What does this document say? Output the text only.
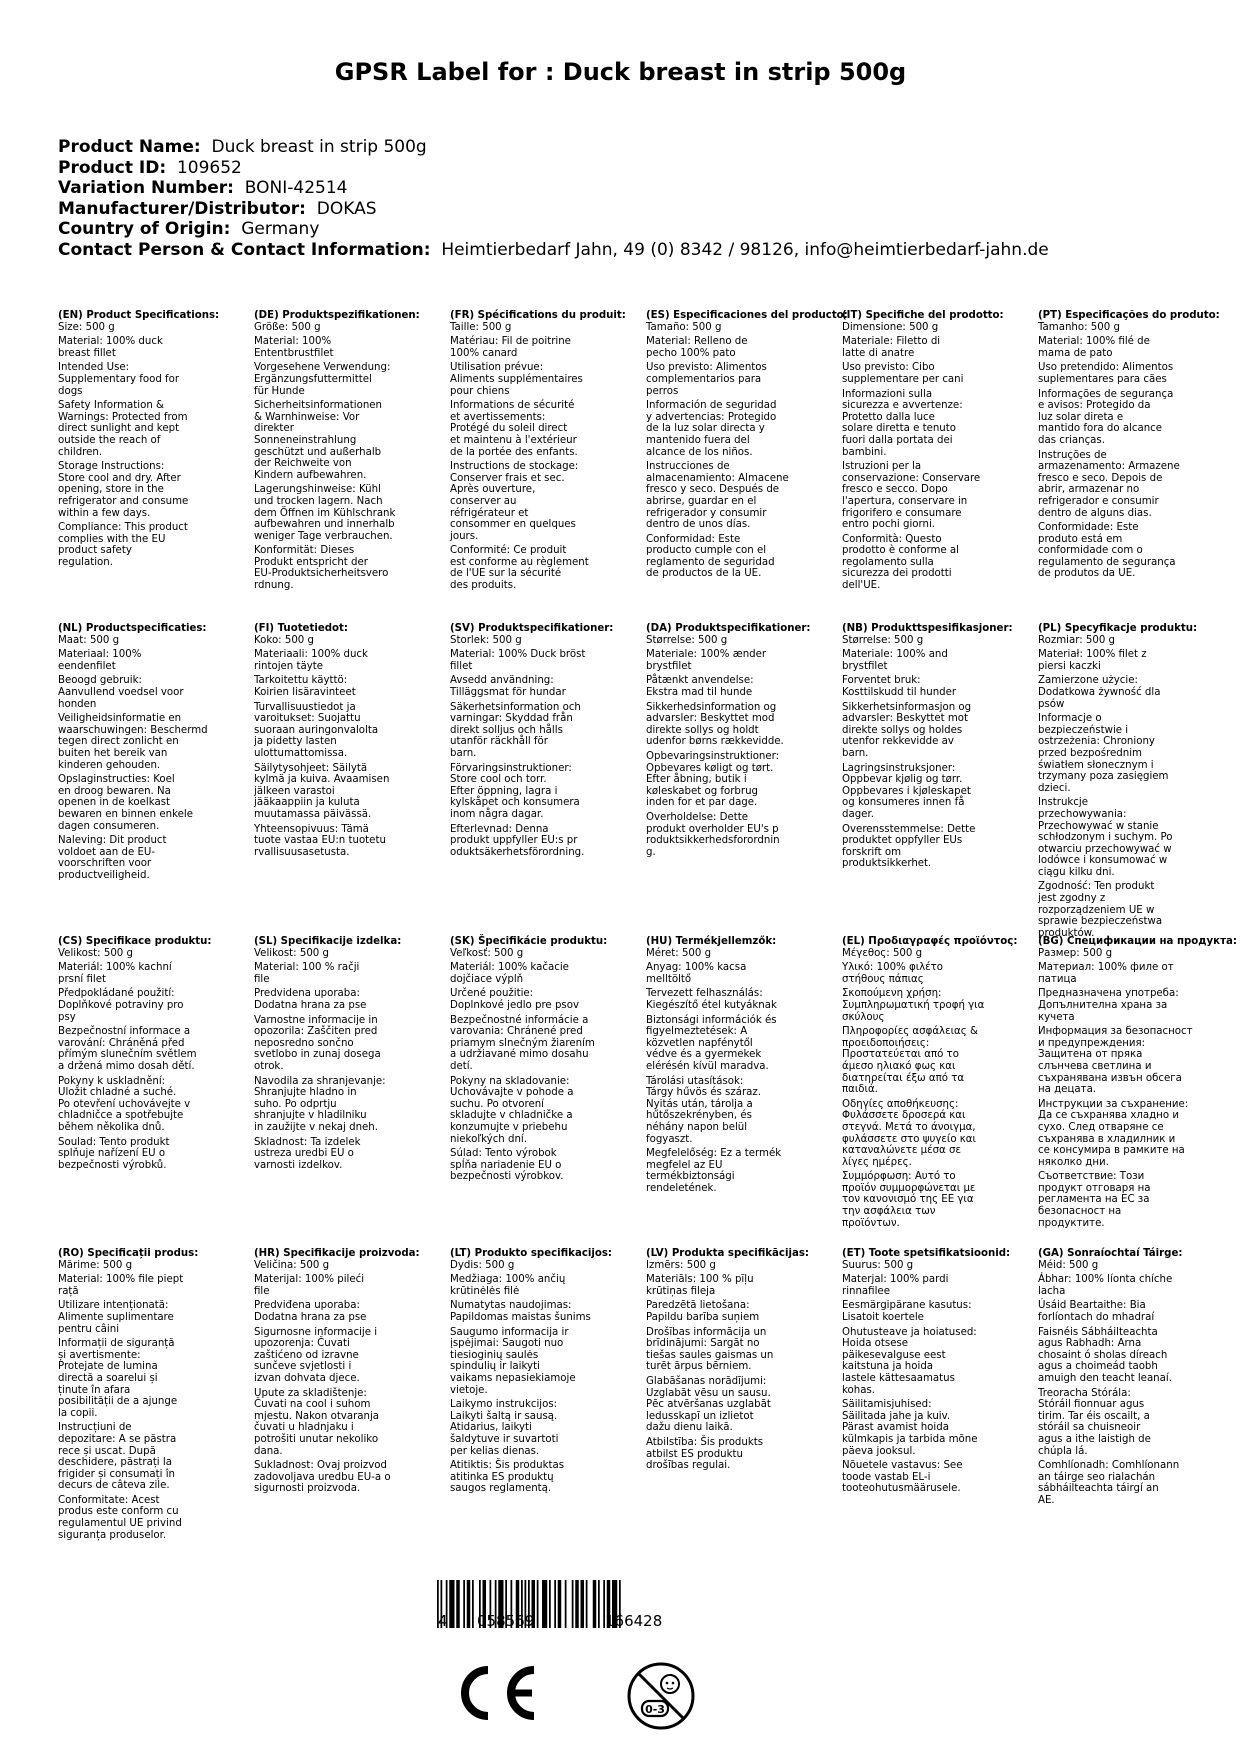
GPSR Label for : Duck breast in strip 500g
Product Name: Duck breast in strip 500g
Product ID: 109652
Variation Number: BONI-42514
Manufacturer/Distributor: DOKAS
Country of Origin: Germany
Contact Person & Contact Information: Heimtierbedarf Jahn, 49 (0) 8342 / 98126, info@heimtierbedarf-jahn.de
(EN) Product Specifications:
Size: 500 g
Material: 100% duck
breast fillet
Intended Use:
Supplementary food for
dogs
Safety Information &
Warnings: Protected from
direct sunlight and kept
outside the reach of
children.
Storage Instructions:
Store cool and dry. After
opening, store in the
refrigerator and consume
within a few days.
Compliance: This product
complies with the EU
product safety
regulation.
(DE) Produktspezifikationen:
Größe: 500 g
Material: 100%
Ententbrustfilet
Vorgesehene Verwendung:
Ergänzungsfuttermittel
für Hunde
Sicherheitsinformationen
& Warnhinweise: Vor
direkter
Sonneneinstrahlung
geschützt und außerhalb
der Reichweite von
Kindern aufbewahren.
Lagerungshinweise: Kühl
und trocken lagern. Nach
dem Öffnen im Kühlschrank
aufbewahren und innerhalb
weniger Tage verbrauchen.
Konformität: Dieses
Produkt entspricht der
EU-Produktsicherheitsvero
rdnung.
(FR) Spécifications du produit:
Taille: 500 g
Matériau: Fil de poitrine
100% canard
Utilisation prévue:
Aliments supplémentaires
pour chiens
Informations de sécurité
et avertissements:
Protégé du soleil direct
et maintenu à l'extérieur
de la portée des enfants.
Instructions de stockage:
Conserver frais et sec.
Après ouverture,
conserver au
réfrigérateur et
consommer en quelques
jours.
Conformité: Ce produit
est conforme au règlement
de l'UE sur la sécurité
des produits.
(ES) Especificaciones del producto:
Tamaño: 500 g
Material: Relleno de
pecho 100% pato
Uso previsto: Alimentos
complementarios para
perros
Información de seguridad
y advertencias: Protegido
de la luz solar directa y
mantenido fuera del
alcance de los niños.
Instrucciones de
almacenamiento: Almacene
fresco y seco. Después de
abrirse, guardar en el
refrigerador y consumir
dentro de unos días.
Conformidad: Este
producto cumple con el
reglamento de seguridad
de productos de la UE.
(IT) Specifiche del prodotto:
Dimensione: 500 g
Materiale: Filetto di
latte di anatre
Uso previsto: Cibo
supplementare per cani
Informazioni sulla
sicurezza e avvertenze:
Protetto dalla luce
solare diretta e tenuto
fuori dalla portata dei
bambini.
Istruzioni per la
conservazione: Conservare
fresco e secco. Dopo
l'apertura, conservare in
frigorifero e consumare
entro pochi giorni.
Conformità: Questo
prodotto è conforme al
regolamento sulla
sicurezza dei prodotti
dell'UE.
(PT) Especificações do produto:
Tamanho: 500 g
Material: 100% filé de
mama de pato
Uso pretendido: Alimentos
suplementares para cães
Informações de segurança
e avisos: Protegido da
luz solar direta e
mantido fora do alcance
das crianças.
Instruções de
armazenamento: Armazene
fresco e seco. Depois de
abrir, armazenar no
refrigerador e consumir
dentro de alguns dias.
Conformidade: Este
produto está em
conformidade com o
regulamento de segurança
de produtos da UE.
(NL) Productspecificaties:
Maat: 500 g
Materiaal: 100%
eendenfilet
Beoogd gebruik:
Aanvullend voedsel voor
honden
Veiligheidsinformatie en
waarschuwingen: Beschermd
tegen direct zonlicht en
buiten het bereik van
kinderen gehouden.
Opslaginstructies: Koel
en droog bewaren. Na
openen in de koelkast
bewaren en binnen enkele
dagen consumeren.
Naleving: Dit product
voldoet aan de EU-
voorschriften voor
productveiligheid.
(FI) Tuotetiedot:
Koko: 500 g
Materiaali: 100% duck
rintojen täyte
Tarkoitettu käyttö:
Koirien lisäravinteet
Turvallisuustiedot ja
varoitukset: Suojattu
suoraan auringonvalolta
ja pidetty lasten
ulottumattomissa.
Säilytysohjeet: Säilytä
kylmä ja kuiva. Avaamisen
jälkeen varastoi
jääkaappiin ja kuluta
muutamassa päivässä.
Yhteensopivuus: Tämä
tuote vastaa EU:n tuotetu
rvallisuusasetusta.
(SV) Produktspecifikationer:
Storlek: 500 g
Material: 100% Duck bröst
fillet
Avsedd användning:
Tilläggsmat för hundar
Säkerhetsinformation och
varningar: Skyddad från
direkt solljus och hålls
utanför räckhåll för
barn.
Förvaringsinstruktioner:
Store cool och torr.
Efter öppning, lagra i
kylskåpet och konsumera
inom några dagar.
Efterlevnad: Denna
produkt uppfyller EU:s pr
oduktsäkerhetsförordning.
(DA) Produktspecifikationer:
Størrelse: 500 g
Materiale: 100% ænder
brystfilet
Påtænkt anvendelse:
Ekstra mad til hunde
Sikkerhedsinformation og
advarsler: Beskyttet mod
direkte sollys og holdt
udenfor børns rækkevidde.
Opbevaringsinstruktioner:
Opbevares køligt og tørt.
Efter åbning, butik i
køleskabet og forbrug
inden for et par dage.
Overholdelse: Dette
produkt overholder EU's p
roduktsikkerhedsforordnin
g.
(NB) Produkttspesifikasjoner:
Størrelse: 500 g
Materiale: 100% and
brystfilet
Forventet bruk:
Kosttilskudd til hunder
Sikkerhetsinformasjon og
advarsler: Beskyttet mot
direkte sollys og holdes
utenfor rekkevidde av
barn.
Lagringsinstruksjoner:
Oppbevar kjølig og tørr.
Oppbevares i kjøleskapet
og konsumeres innen få
dager.
Overensstemmelse: Dette
produktet oppfyller EUs
forskrift om
produktsikkerhet.
(PL) Specyfikacje produktu:
Rozmiar: 500 g
Materiał: 100% filet z
piersi kaczki
Zamierzone użycie:
Dodatkowa żywność dla
psów
Informacje o
bezpieczeństwie i
ostrzeżenia: Chroniony
przed bezpośrednim
światłem słonecznym i
trzymany poza zasięgiem
dzieci.
Instrukcje
przechowywania:
Przechowywać w stanie
schłodzonym i suchym. Po
otwarciu przechowywać w
lodówce i konsumować w
ciągu kilku dni.
Zgodność: Ten produkt
jest zgodny z
rozporządzeniem UE w
sprawie bezpieczeństwa
produktów.
(CS) Specifikace produktu:
Velikost: 500 g
Materiál: 100% kachní
prsní filet
Předpokládané použití:
Doplňkové potraviny pro
psy
Bezpečnostní informace a
varování: Chráněná před
přímým slunečním světlem
a držená mimo dosah dětí.
Pokyny k uskladnění:
Uložit chladné a suché.
Po otevření uchovávejte v
chladničce a spotřebujte
během několika dnů.
Soulad: Tento produkt
splňuje nařízení EU o
bezpečnosti výrobků.
(SL) Specifikacije izdelka:
Velikost: 500 g
Material: 100 % račji
file
Predvidena uporaba:
Dodatna hrana za pse
Varnostne informacije in
opozorila: Zaščiten pred
neposredno sončno
svetlobo in zunaj dosega
otrok.
Navodila za shranjevanje:
Shranjujte hladno in
suho. Po odprtju
shranjujte v hladilniku
in zaužijte v nekaj dneh.
Skladnost: Ta izdelek
ustreza uredbi EU o
varnosti izdelkov.
(SK) Špecifikácie produktu:
Veľkosť: 500 g
Materiál: 100% kačacie
dojčiace výplň
Určené použitie:
Doplnkové jedlo pre psov
Bezpečnostné informácie a
varovania: Chránené pred
priamym slnečným žiarením
a udržiavané mimo dosahu
detí.
Pokyny na skladovanie:
Uchovávajte v pohode a
suchu. Po otvorení
skladujte v chladničke a
konzumujte v priebehu
niekoľkých dní.
Súlad: Tento výrobok
spĺňa nariadenie EU o
bezpečnosti výrobkov.
(HU) Termékjellemzők:
Méret: 500 g
Anyag: 100% kacsa
melltöltő
Tervezett felhasználás:
Kiegészítő étel kutyáknak
Biztonsági információk és
figyelmeztetések: A
közvetlen napfénytől
védve és a gyermekek
elérésén kívül maradva.
Tárolási utasítások:
Tárgy hűvös és száraz.
Nyitás után, tárolja a
hűtőszekrényben, és
néhány napon belül
fogyaszt.
Megfelelőség: Ez a termék
megfelel az EU
termékbiztonsági
rendeletének.
(EL) Προδιαγραφές προϊόντος:
Μέγεθος: 500 g
Υλικό: 100% φιλέτο
στήθους πάπιας
Σκοπούμενη χρήση:
Συμπληρωματική τροφή για
σκύλους
Πληροφορίες ασφάλειας &
προειδοποιήσεις:
Προστατεύεται από το
άμεσο ηλιακό φως και
διατηρείται έξω από τα
παιδιά.
Οδηγίες αποθήκευσης:
Φυλάσσετε δροσερά και
στεγνά. Μετά το άνοιγμα,
φυλάσσετε στο ψυγείο και
καταναλώνετε μέσα σε
λίγες ημέρες.
Συμμόρφωση: Αυτό το
προϊόν συμμορφώνεται με
τον κανονισμό της ΕΕ για
την ασφάλεια των
προϊόντων.
(BG) Спецификации на продукта:
Размер: 500 g
Материал: 100% филе от
патица
Предназначена употреба:
Допълнителна храна за
кучета
Информация за безопасност
и предупреждения:
Защитена от пряка
слънчева светлина и
съхранявана извън обсега
на децата.
Инструкции за съхранение:
Да се съхранява хладно и
сухо. След отваряне се
съхранява в хладилник и
се консумира в рамките на
няколко дни.
Съответствие: Този
продукт отговаря на
регламента на ЕС за
безопасност на
продуктите.
(RO) Specificații produs:
Mărime: 500 g
Material: 100% file piept
rață
Utilizare intenționată:
Alimente suplimentare
pentru câini
Informații de siguranță
și avertismente:
Protejate de lumina
directă a soarelui și
ținute în afara
posibilității de a ajunge
la copii.
Instrucțiuni de
depozitare: A se păstra
rece și uscat. După
deschidere, păstrați la
frigider și consumați în
decurs de câteva zile.
Conformitate: Acest
produs este conform cu
regulamentul UE privind
siguranța produselor.
(HR) Specifikacije proizvoda:
Veličina: 500 g
Materijal: 100% pileći
file
Predviđena uporaba:
Dodatna hrana za pse
Sigurnosne informacije i
upozorenja: Čuvati
zaštićeno od izravne
sunčeve svjetlosti i
izvan dohvata djece.
Upute za skladištenje:
Čuvati na cool i suhom
mjestu. Nakon otvaranja
čuvati u hladnjaku i
potrošiti unutar nekoliko
dana.
Sukladnost: Ovaj proizvod
zadovoljava uredbu EU-a o
sigurnosti proizvoda.
(LT) Produkto specifikacijos:
Dydis: 500 g
Medžiaga: 100% ančių
krūtinėlės filė
Numatytas naudojimas:
Papildomas maistas šunims
Saugumo informacija ir
įspėjimai: Saugoti nuo
tiesioginių saulės
spindulių ir laikyti
vaikams nepasiekiamoje
vietoje.
Laikymo instrukcijos:
Laikyti šaltą ir sausą.
Atidarius, laikyti
šaldytuve ir suvartoti
per kelias dienas.
Atitiktis: Šis produktas
atitinka ES produktų
saugos reglamentą.
(LV) Produkta specifikācijas:
Izmērs: 500 g
Materiāls: 100 % pīļu
krūtiņas fileja
Paredzētā lietošana:
Papildu barība suņiem
Drošības informācija un
brīdinājumi: Sargāt no
tiešas saules gaismas un
turēt ārpus bērniem.
Glabāšanas norādījumi:
Uzglabāt vēsu un sausu.
Pēc atvēršanas uzglabāt
ledusskapī un izlietot
dažu dienu laikā.
Atbilstība: Šis produkts
atbilst ES produktu
drošības regulai.
(ET) Toote spetsifikatsioonid:
Suurus: 500 g
Materjal: 100% pardi
rinnafilee
Eesmärgipärane kasutus:
Lisatoit koertele
Ohutusteave ja hoiatused:
Hoida otsese
päikesevalguse eest
kaitstuna ja hoida
lastele kättesaamatus
kohas.
Säilitamisjuhised:
Säilitada jahe ja kuiv.
Pärast avamist hoida
külmkapis ja tarbida mõne
päeva jooksul.
Nõuetele vastavus: See
toode vastab EL-i
tooteohutusmäärusele.
(GA) Sonraíochtaí Táirge:
Méid: 500 g
Ábhar: 100% líonta chíche
lacha
Úsáid Beartaithe: Bia
forlíontach do mhadraí
Faisnéis Sábháilteachta
agus Rabhadh: Arna
chosaint ó sholas díreach
agus a choimeád taobh
amuigh den teacht leanaí.
Treoracha Stórála:
Stóráil fionnuar agus
tirim. Tar éis oscailt, a
stóráil sa chuisneoir
agus a ithe laistigh de
chúpla lá.
Comhlíonadh: Comhlíonann
an táirge seo rialachán
sábháilteachta táirgí an
AE.
4 058569	166428
0-3
